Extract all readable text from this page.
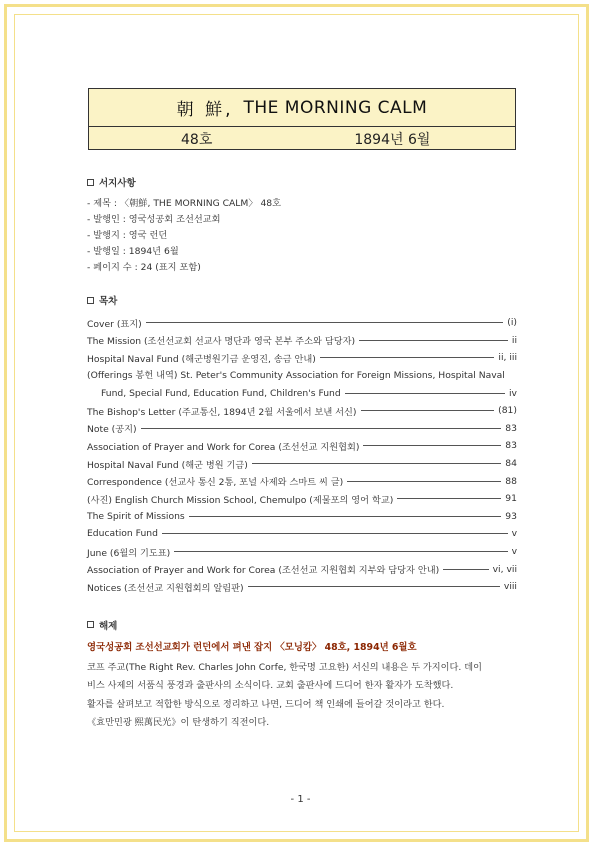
朝 鮮, THE MORNING CALM
48호	1894년 6월
서지사항
- 제목 : 〈朝鮮, THE MORNING CALM〉 48호
- 발행인 : 영국성공회 조선선교회
- 발행지 : 영국 런던
- 발행일 : 1894년 6월
- 페이지 수 : 24 (표지 포함)
목차
Cover (표지)	(i)
The Mission (조선선교회 선교사 명단과 영국 본부 주소와 담당자)	ii
Hospital Naval Fund (해군병원기금 운영진, 송금 안내)	ii, iii
(Offerings 봉헌 내역) St. Peter's Community Association for Foreign Missions, Hospital Naval
Fund, Special Fund, Education Fund, Children's Fund	iv
The Bishop's Letter (주교통신, 1894년 2월 서울에서 보낸 서신)	(81)
Note (공지)	83
Association of Prayer and Work for Corea (조선선교 지원협회)	83
Hospital Naval Fund (해군 병원 기금)	84
Correspondence (선교사 통신 2통, 포널 사제와 스마트 씨 글)	88
(사진) English Church Mission School, Chemulpo (제물포의 영어 학교)	91
The Spirit of Missions	93
Education Fund	v
June (6월의 기도표)	v
Association of Prayer and Work for Corea (조선선교 지원협회 지부와 담당자 안내)	vi, vii
Notices (조선선교 지원협회의 알림판)	viii
해제
영국성공회 조선선교회가 런던에서 펴낸 잡지 〈모닝캄〉 48호, 1894년 6월호
코프 주교(The Right Rev. Charles John Corfe, 한국명 고요한) 서신의 내용은 두 가지이다. 데이
비스 사제의 서품식 풍경과 출판사의 소식이다. 교회 출판사에 드디어 한자 활자가 도착했다.
활자를 살펴보고 적합한 방식으로 정리하고 나면, 드디어 책 인쇄에 들어갈 것이라고 한다.
《효만민광 熙萬民光》이 탄생하기 직전이다.
- 1 -
